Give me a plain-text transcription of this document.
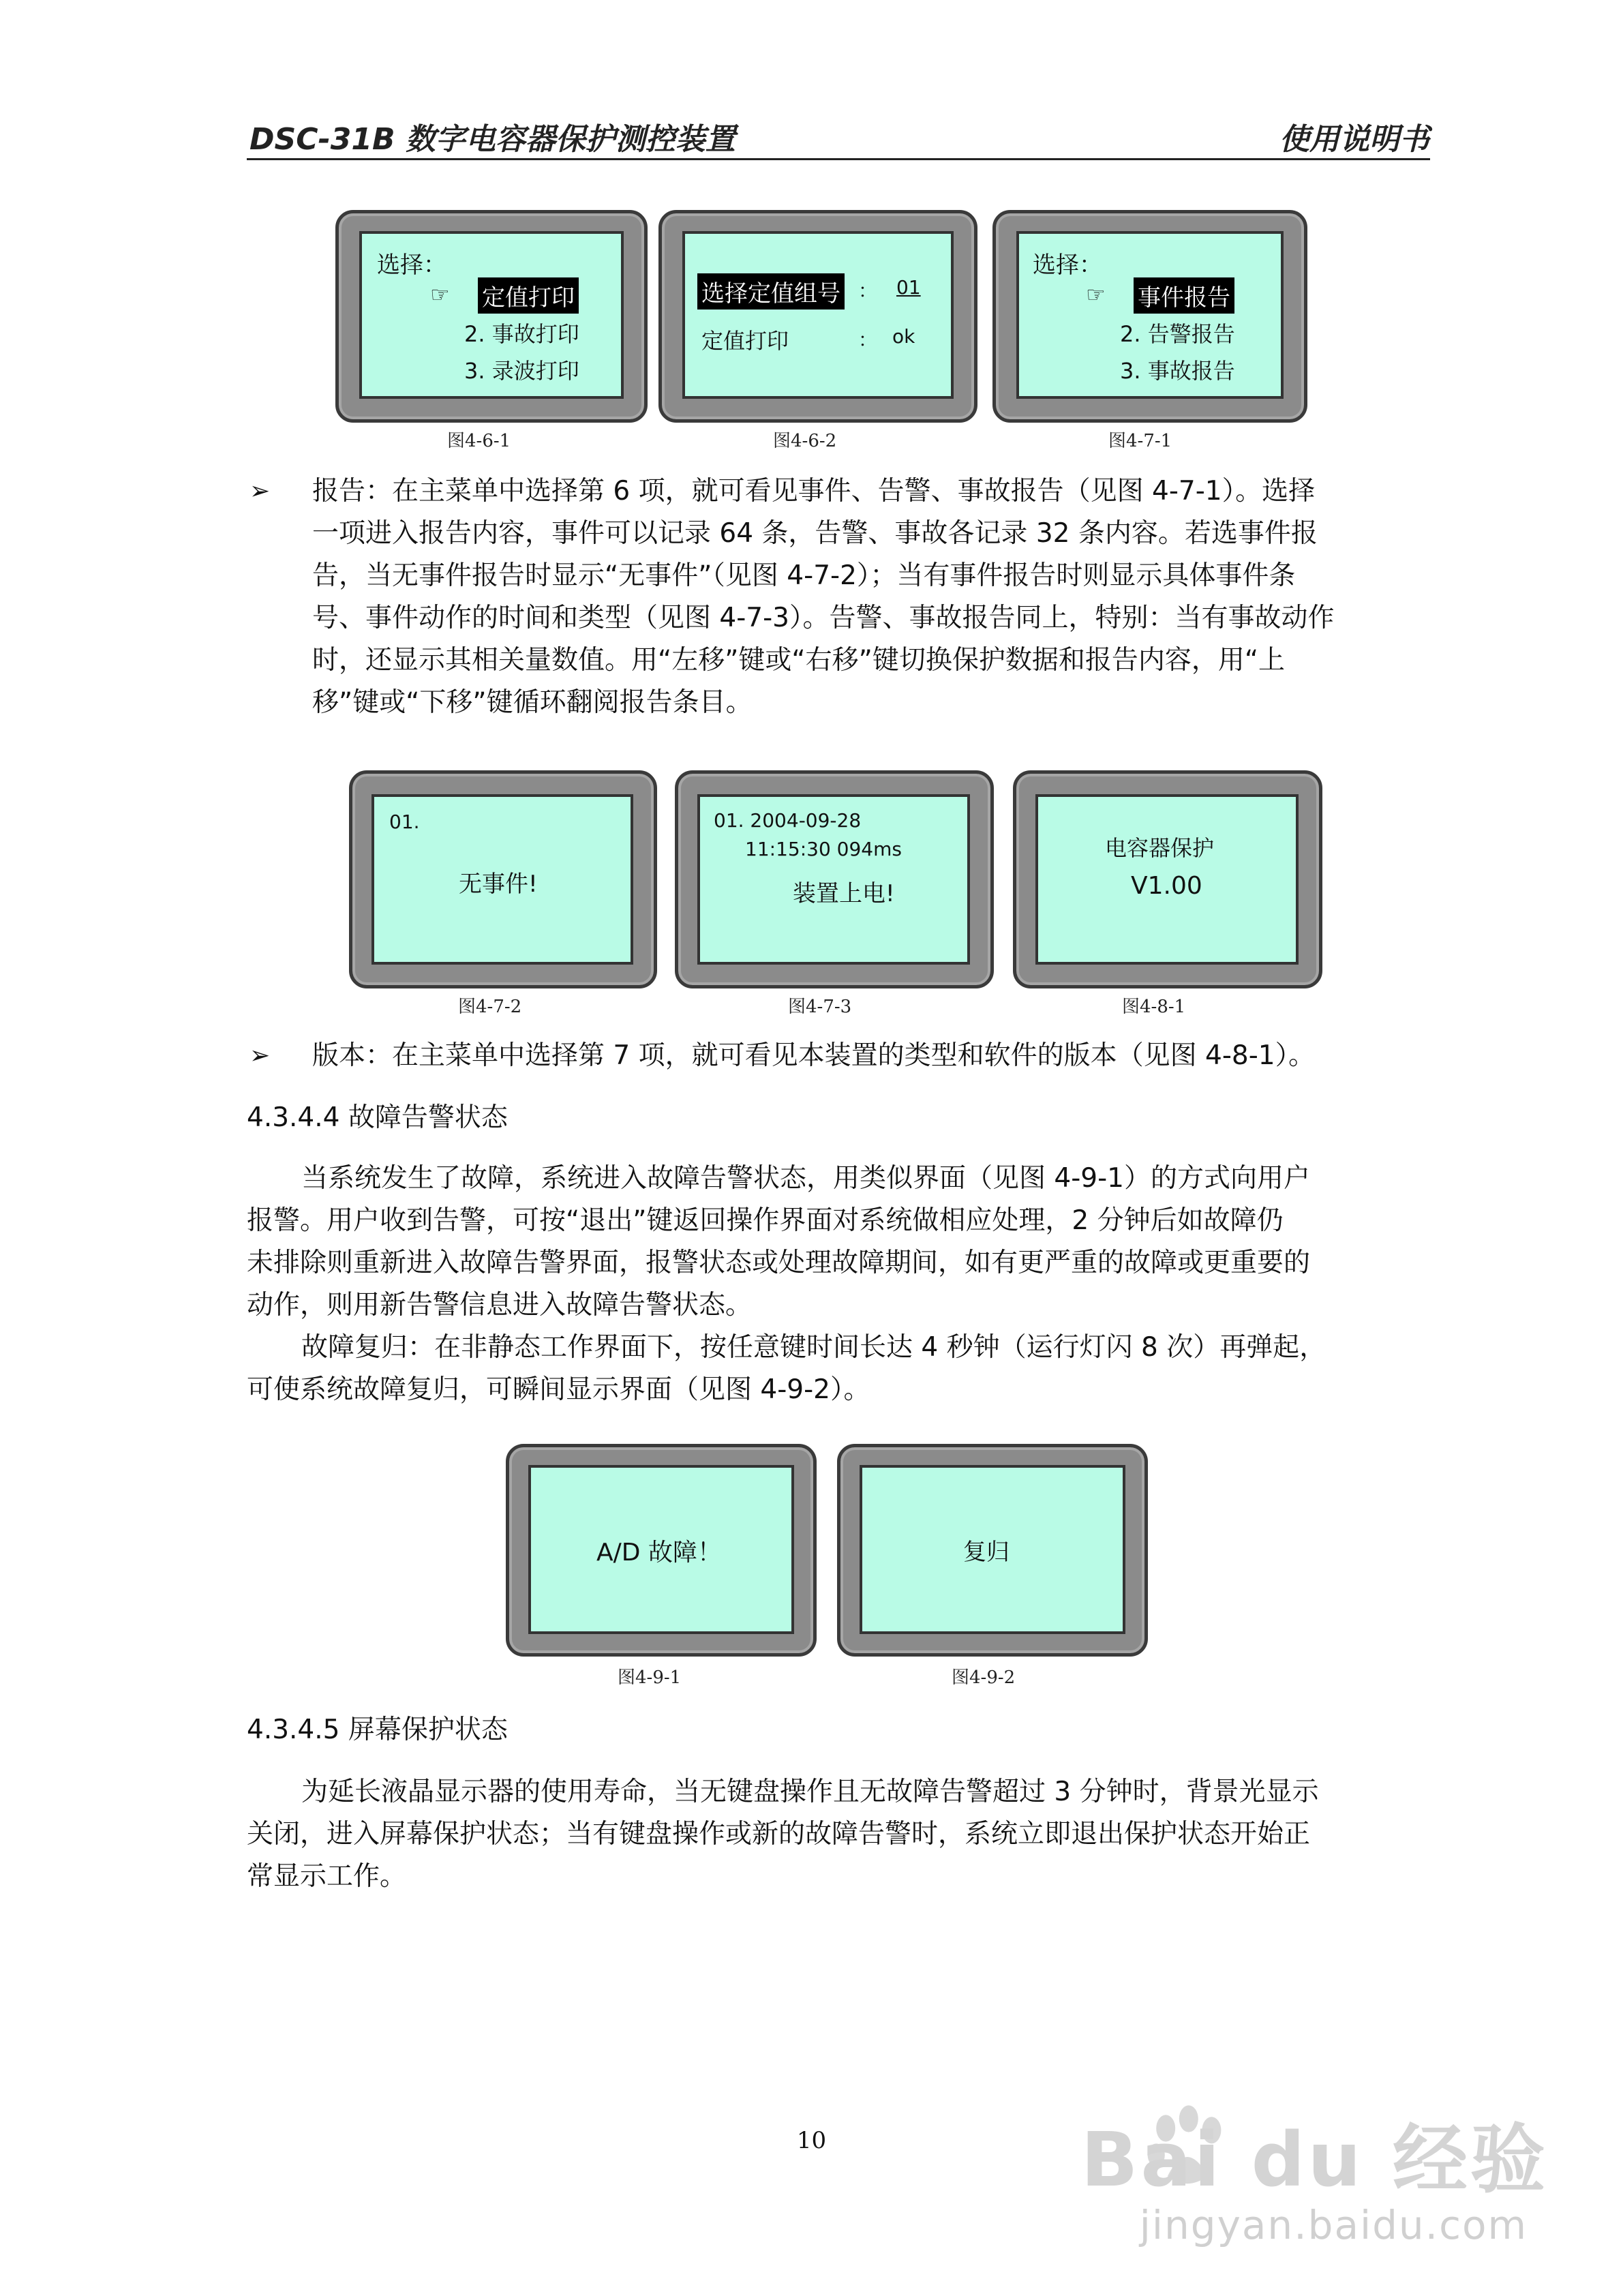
DSC-31B 数字电容器保护测控装置	使用说明书
选择：
☞ 定值打印
2. 事故打印
3. 录波打印
图4-6-1
选择定值组号 ： 01
定值打印	： ok
图4-6-2
选择：
☞ 事件报告
2. 告警报告
3. 事故报告
图4-7-1
➢ 报告：在主菜单中选择第 6 项，就可看见事件、告警、事故报告（见图 4-7-1）。选择
一项进入报告内容，事件可以记录 64 条，告警、事故各记录 32 条内容。若选事件报
告，当无事件报告时显示“无事件”（见图 4-7-2）；当有事件报告时则显示具体事件条
号、事件动作的时间和类型（见图 4-7-3）。告警、事故报告同上，特别：当有事故动作
时，还显示其相关量数值。用“左移”键或“右移”键切换保护数据和报告内容，用“上
移”键或“下移”键循环翻阅报告条目。
01.
无事件!
图4-7-2
01. 2004-09-28
11:15:30 094ms
装置上电!
图4-7-3
电容器保护
V1.00
图4-8-1
➢ 版本：在主菜单中选择第 7 项，就可看见本装置的类型和软件的版本（见图 4-8-1）。
4.3.4.4 故障告警状态
当系统发生了故障，系统进入故障告警状态，用类似界面（见图 4-9-1）的方式向用户
报警。用户收到告警，可按“退出”键返回操作界面对系统做相应处理，2 分钟后如故障仍
未排除则重新进入故障告警界面，报警状态或处理故障期间，如有更严重的故障或更重要的
动作，则用新告警信息进入故障告警状态。
故障复归：在非静态工作界面下，按任意键时间长达 4 秒钟（运行灯闪 8 次）再弹起，
可使系统故障复归，可瞬间显示界面（见图 4-9-2）。
A/D 故障！
图4-9-1
复归
图4-9-2
4.3.4.5 屏幕保护状态
为延长液晶显示器的使用寿命，当无键盘操作且无故障告警超过 3 分钟时，背景光显示
关闭，进入屏幕保护状态；当有键盘操作或新的故障告警时，系统立即退出保护状态开始正
常显示工作。
10	Bai du 经验
jingyan.baidu.com
